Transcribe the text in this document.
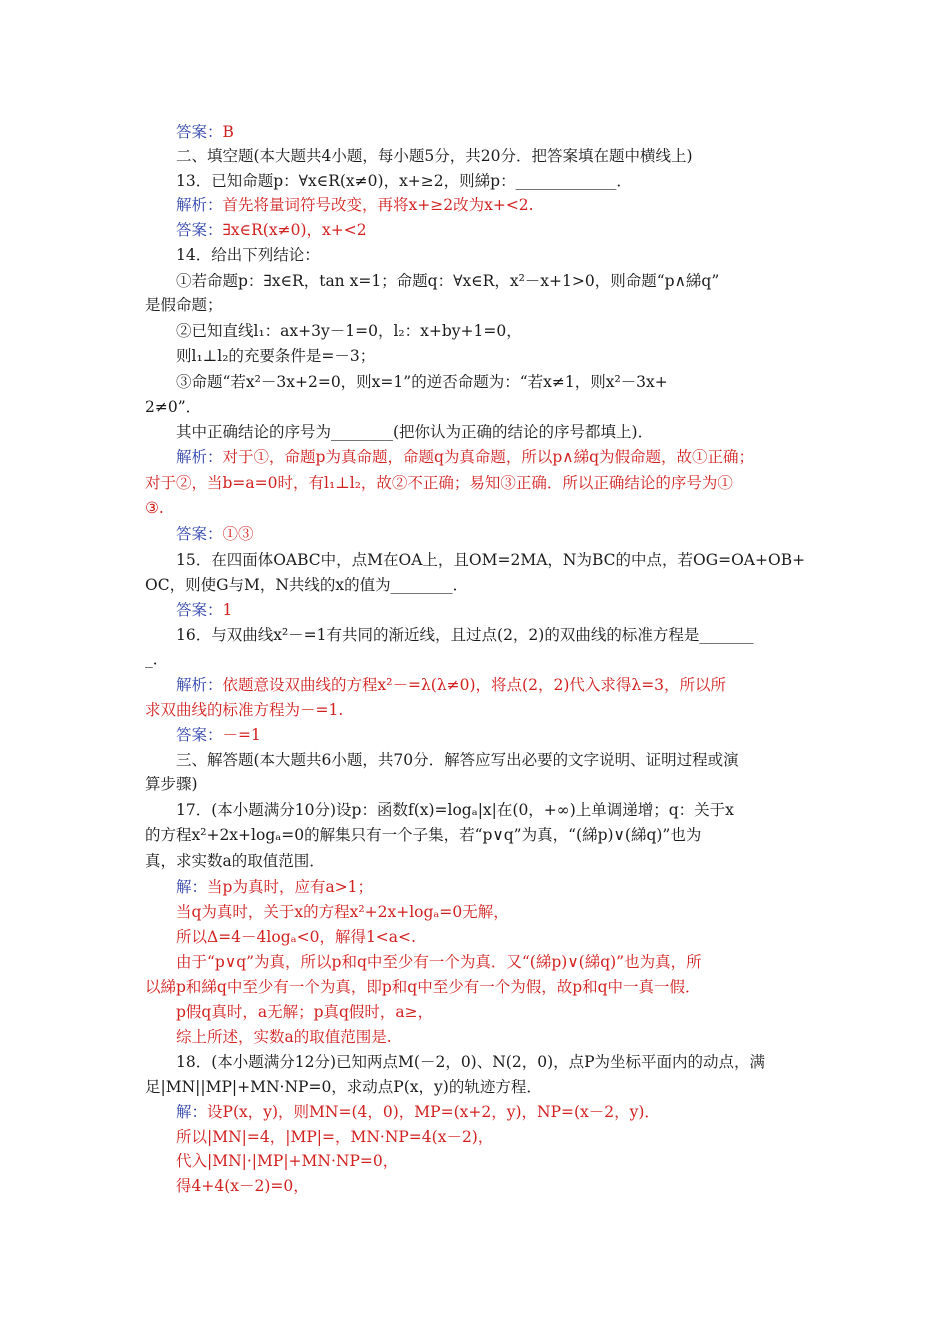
答案：B
二、填空题(本大题共4小题，每小题5分，共20分．把答案填在题中横线上)
13．已知命题p：∀x∈R(x≠0)，x+≥2，则綈p：_____________．
解析：首先将量词符号改变，再将x+≥2改为x+<2.
答案：∃x∈R(x≠0)，x+<2
14．给出下列结论：
①若命题p：∃x∈R，tan x=1；命题q：∀x∈R，x²－x+1>0，则命题“p∧綈q”
是假命题；
②已知直线l₁：ax+3y－1=0，l₂：x+by+1=0，
则l₁⊥l₂的充要条件是=－3；
③命题“若x²－3x+2=0，则x=1”的逆否命题为：“若x≠1，则x²－3x+
2≠0”．
其中正确结论的序号为________(把你认为正确的结论的序号都填上)．
解析：对于①，命题p为真命题，命题q为真命题，所以p∧綈q为假命题，故①正确；
对于②，当b=a=0时，有l₁⊥l₂，故②不正确；易知③正确．所以正确结论的序号为①
③.
答案：①③
15．在四面体OABC中，点M在OA上，且OM=2MA，N为BC的中点，若OG=OA+OB+
OC，则使G与M，N共线的x的值为________．
答案：1
16．与双曲线x²－=1有共同的渐近线，且过点(2，2)的双曲线的标准方程是_______
_．
解析：依题意设双曲线的方程x²－=λ(λ≠0)，将点(2，2)代入求得λ=3，所以所
求双曲线的标准方程为－=1.
答案：－=1
三、解答题(本大题共6小题，共70分．解答应写出必要的文字说明、证明过程或演
算步骤)
17．(本小题满分10分)设p：函数f(x)=logₐ|x|在(0，+∞)上单调递增；q：关于x
的方程x²+2x+logₐ=0的解集只有一个子集，若“p∨q”为真，“(綈p)∨(綈q)”也为
真，求实数a的取值范围．
解：当p为真时，应有a>1；
当q为真时，关于x的方程x²+2x+logₐ=0无解，
所以Δ=4－4logₐ<0，解得1<a<.
由于“p∨q”为真，所以p和q中至少有一个为真．又“(綈p)∨(綈q)”也为真，所
以綈p和綈q中至少有一个为真，即p和q中至少有一个为假，故p和q中一真一假．
p假q真时，a无解；p真q假时，a≥，
综上所述，实数a的取值范围是.
18．(本小题满分12分)已知两点M(－2，0)、N(2，0)，点P为坐标平面内的动点，满
足|MN||MP|+MN·NP=0，求动点P(x，y)的轨迹方程．
解：设P(x，y)，则MN=(4，0)，MP=(x+2，y)，NP=(x－2，y)．
所以|MN|=4，|MP|=，MN·NP=4(x－2)，
代入|MN|·|MP|+MN·NP=0，
得4+4(x－2)=0，
